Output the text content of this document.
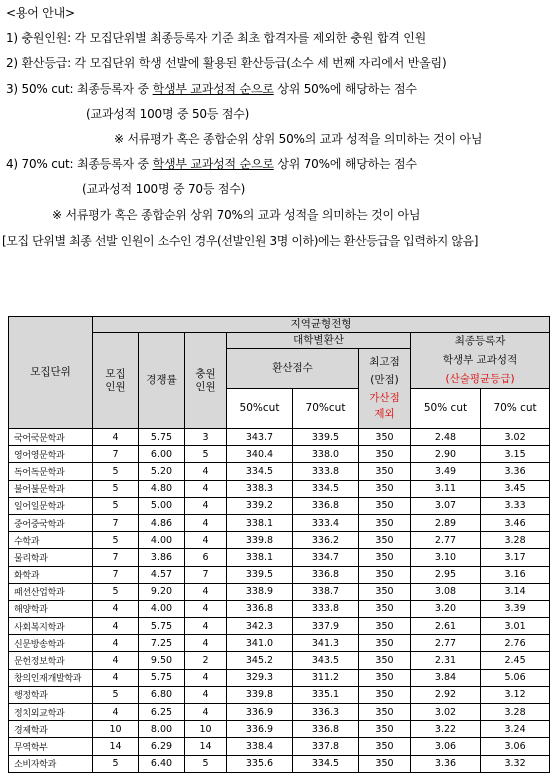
<용어 안내>
1) 충원인원: 각 모집단위별 최종등록자 기준 최초 합격자를 제외한 충원 합격 인원
2) 환산등급: 각 모집단위 학생 선발에 활용된 환산등급(소수 세 번째 자리에서 반올림)
3) 50% cut: 최종등록자 중 학생부 교과성적 순으로 상위 50%에 해당하는 점수
(교과성적 100명 중 50등 점수)
※ 서류평가 혹은 종합순위 상위 50%의 교과 성적을 의미하는 것이 아님
4) 70% cut: 최종등록자 중 학생부 교과성적 순으로 상위 70%에 해당하는 점수
(교과성적 100명 중 70등 점수)
※ 서류평가 혹은 종합순위 상위 70%의 교과 성적을 의미하는 것이 아님
[모집 단위별 최종 선발 인원이 소수인 경우(선발인원 3명 이하)에는 환산등급을 입력하지 않음]
모집단위	지역균형전형							

	모집인원	경쟁률	충원인원	대학별환산			최종등록자
학생부 교과성적
(산술평균등급)	

				환산점수		최고점
(만점)
가산점
제외		

				50%cut	70%cut		50% cut	70% cut
국어국문학과	4	5.75	3	343.7	339.5	350	2.48	3.02
영어영문학과	7	6.00	5	340.4	338.0	350	2.90	3.15
독어독문학과	5	5.20	4	334.5	333.8	350	3.49	3.36
불어불문학과	5	4.80	4	338.3	334.5	350	3.11	3.45
일어일문학과	5	5.00	4	339.2	336.8	350	3.07	3.33
중어중국학과	7	4.86	4	338.1	333.4	350	2.89	3.46
수학과	5	4.00	4	339.8	336.2	350	2.77	3.28
물리학과	7	3.86	6	338.1	334.7	350	3.10	3.17
화학과	7	4.57	7	339.5	336.8	350	2.95	3.16
패션산업학과	5	9.20	4	338.9	338.7	350	3.08	3.14
해양학과	4	4.00	4	336.8	333.8	350	3.20	3.39
사회복지학과	4	5.75	4	342.3	337.9	350	2.61	3.01
신문방송학과	4	7.25	4	341.0	341.3	350	2.77	2.76
문헌정보학과	4	9.50	2	345.2	343.5	350	2.31	2.45
창의인재개발학과	4	5.75	4	329.3	311.2	350	3.84	5.06
행정학과	5	6.80	4	339.8	335.1	350	2.92	3.12
정치외교학과	4	6.25	4	336.9	336.3	350	3.02	3.28
경제학과	10	8.00	10	336.9	336.8	350	3.22	3.24
무역학부	14	6.29	14	338.4	337.8	350	3.06	3.06
소비자학과	5	6.40	5	335.6	334.5	350	3.36	3.32
